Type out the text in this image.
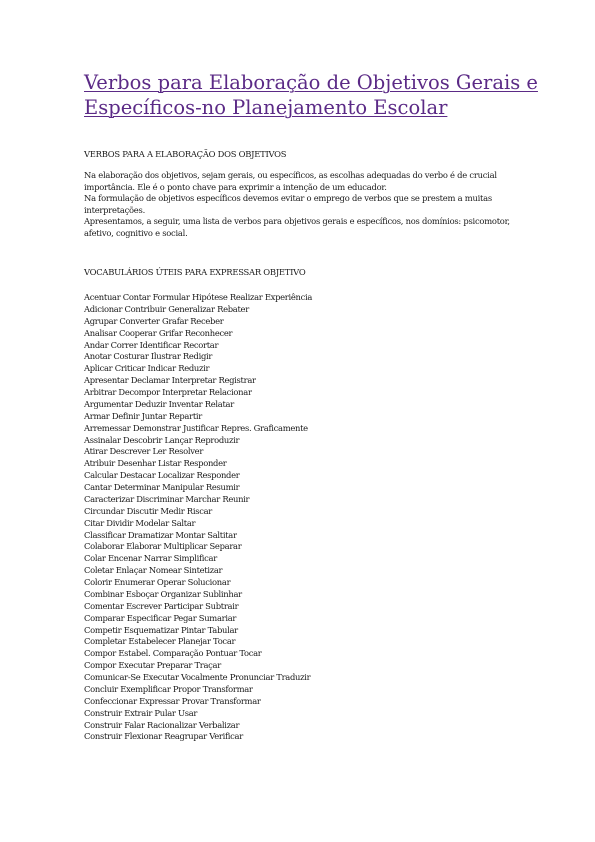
Verbos para Elaboração de Objetivos Gerais e Específicos-no Planejamento Escolar
VERBOS PARA A ELABORAÇÃO DOS OBJETIVOS

Na elaboração dos objetivos, sejam gerais, ou específicos, as escolhas adequadas do verbo é de crucial importância. Ele é o ponto chave para exprimir a intenção de um educador.

Na formulação de objetivos específicos devemos evitar o emprego de verbos que se prestem a muitas interpretações.

Apresentamos, a seguir, uma lista de verbos para objetivos gerais e específicos, nos domínios: psicomotor, afetivo, cognitivo e social.

VOCABULÁRIOS ÚTEIS PARA EXPRESSAR OBJETIVO
Acentuar Contar Formular Hipótese Realizar Experiência
Adicionar Contribuir Generalizar Rebater
Agrupar Converter Grafar Receber
Analisar Cooperar Grifar Reconhecer
Andar Correr Identificar Recortar
Anotar Costurar Ilustrar Redigir
Aplicar Criticar Indicar Reduzir
Apresentar Declamar Interpretar Registrar
Arbitrar Decompor Interpretar Relacionar
Argumentar Deduzir Inventar Relatar
Armar Definir Juntar Repartir
Arremessar Demonstrar Justificar Repres. Graficamente
Assinalar Descobrir Lançar Reproduzir
Atirar Descrever Ler Resolver
Atribuir Desenhar Listar Responder
Calcular Destacar Localizar Responder
Cantar Determinar Manipular Resumir
Caracterizar Discriminar Marchar Reunir
Circundar Discutir Medir Riscar
Citar Dividir Modelar Saltar
Classificar Dramatizar Montar Saltitar
Colaborar Elaborar Multiplicar Separar
Colar Encenar Narrar Simplificar
Coletar Enlaçar Nomear Sintetizar
Colorir Enumerar Operar Solucionar
Combinar Esboçar Organizar Sublinhar
Comentar Escrever Participar Subtrair
Comparar Especificar Pegar Sumariar
Competir Esquematizar Pintar Tabular
Completar Estabelecer Planejar Tocar
Compor Estabel. Comparação Pontuar Tocar
Compor Executar Preparar Traçar
Comunicar-Se Executar Vocalmente Pronunciar Traduzir
Concluir Exemplificar Propor Transformar
Confeccionar Expressar Provar Transformar
Construir Extrair Pular Usar
Construir Falar Racionalizar Verbalizar
Construir Flexionar Reagrupar Verificar
